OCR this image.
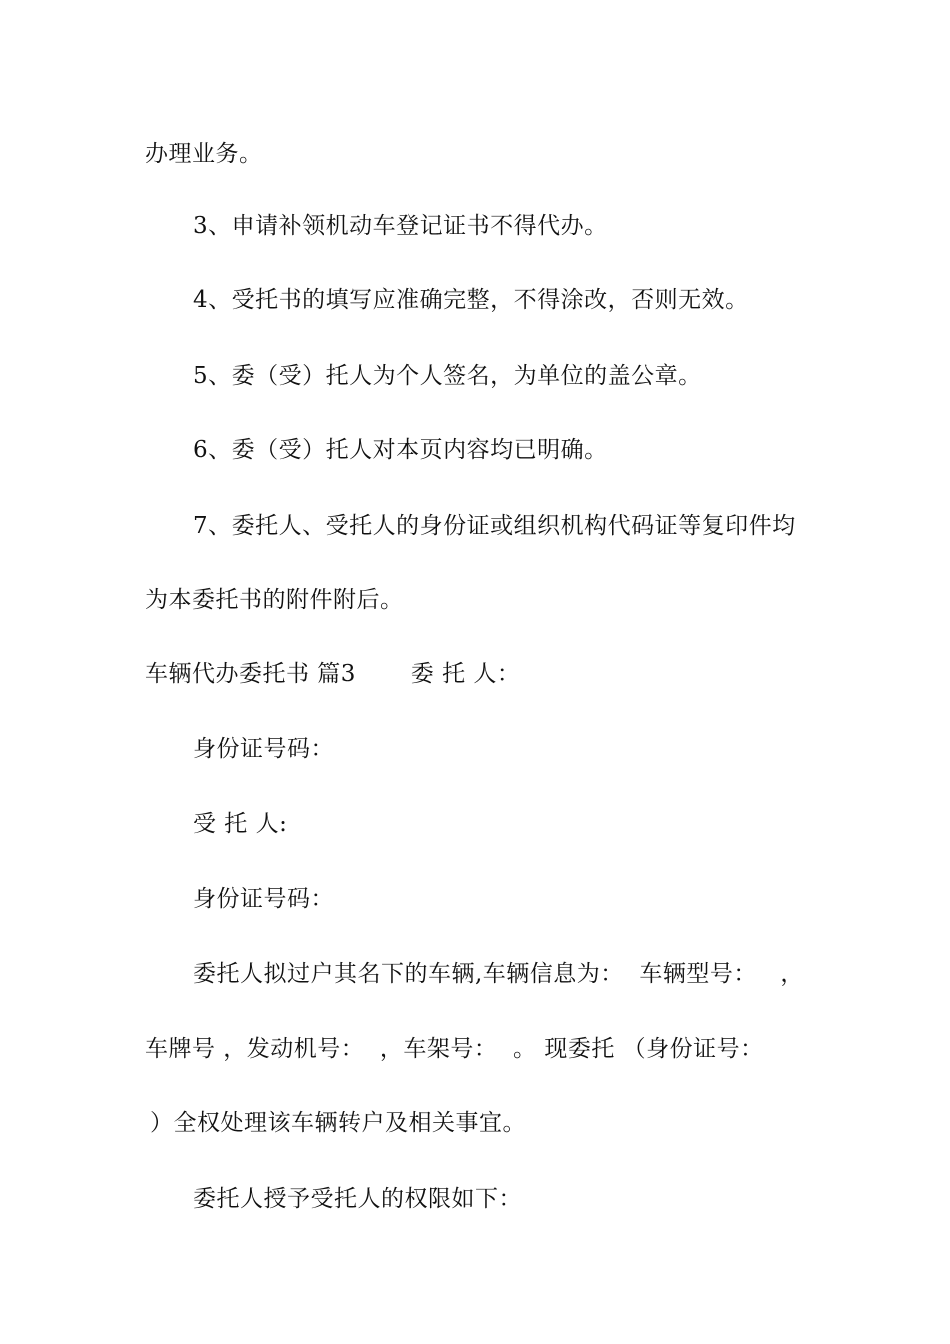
办理业务。
3、申请补领机动车登记证书不得代办。
4、受托书的填写应准确完整，不得涂改，否则无效。
5、委（受）托人为个人签名，为单位的盖公章。
6、委（受）托人对本页内容均已明确。
7、委托人、受托人的身份证或组织机构代码证等复印件均
为本委托书的附件附后。
车辆代办委托书 篇3　　 委 托 人：
身份证号码：
受 托 人:
身份证号码：
委托人拟过户其名下的车辆,车辆信息为：  车辆型号：   ，
车牌号 ，发动机号：  ，车架号：  。 现委托 （身份证号：
）全权处理该车辆转户及相关事宜。
委托人授予受托人的权限如下：
